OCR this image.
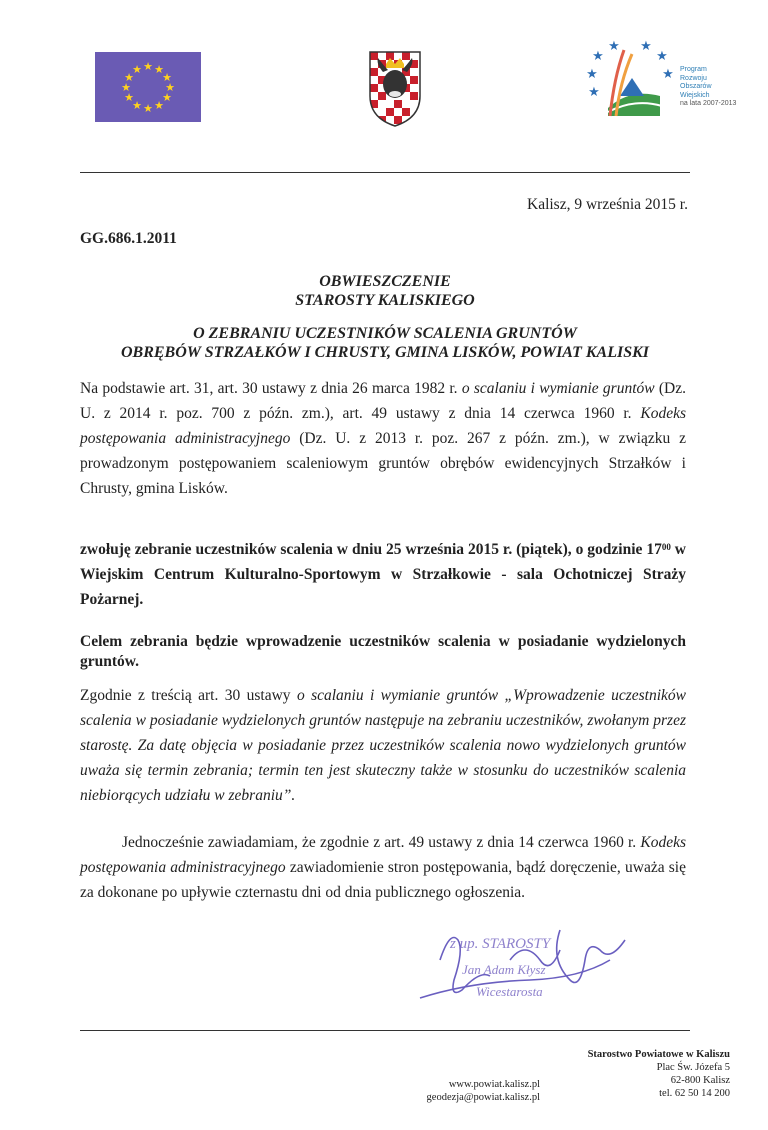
★ ★
★
★
★
★
★
★
★
★
★
★	★
★
★ ★
★
★
★
Program
Rozwoju
Obszarów
Wiejskich
na lata 2007-2013
Kalisz, 9 września 2015 r.
GG.686.1.2011
OBWIESZCZENIE
STAROSTY KALISKIEGO
O ZEBRANIU UCZESTNIKÓW SCALENIA GRUNTÓW
OBRĘBÓW STRZAŁKÓW I CHRUSTY, GMINA LISKÓW, POWIAT KALISKI
Na podstawie art. 31, art. 30 ustawy z dnia 26 marca 1982 r. o scalaniu i wymianie gruntów (Dz. U. z 2014 r. poz. 700 z późn. zm.), art. 49 ustawy z dnia 14 czerwca 1960 r. Kodeks postępowania administracyjnego (Dz. U. z 2013 r. poz. 267 z późn. zm.), w związku z prowadzonym postępowaniem scaleniowym gruntów obrębów ewidencyjnych Strzałków i Chrusty, gmina Lisków.
zwołuję zebranie uczestników scalenia w dniu 25 września 2015 r. (piątek), o godzinie $17^{00}$ w Wiejskim Centrum Kulturalno-Sportowym w Strzałkowie - sala Ochotniczej Straży Pożarnej.
Celem zebrania będzie wprowadzenie uczestników scalenia w posiadanie wydzielonych gruntów.
Zgodnie z treścią art. 30 ustawy o scalaniu i wymianie gruntów „Wprowadzenie uczestników scalenia w posiadanie wydzielonych gruntów następuje na zebraniu uczestników, zwołanym przez starostę. Za datę objęcia w posiadanie przez uczestników scalenia nowo wydzielonych gruntów uważa się termin zebrania; termin ten jest skuteczny także w stosunku do uczestników scalenia niebiorących udziału w zebraniu”.
Jednocześnie zawiadamiam, że zgodnie z art. 49 ustawy z dnia 14 czerwca 1960 r. Kodeks postępowania administracyjnego zawiadomienie stron postępowania, bądź doręczenie, uważa się za dokonane po upływie czternastu dni od dnia publicznego ogłoszenia.
z up. STAROSTY
Jan Adam Kłysz
Wicestarosta
www.powiat.kalisz.pl
geodezja@powiat.kalisz.pl
Starostwo Powiatowe w Kaliszu
Plac Św. Józefa 5
62-800 Kalisz
tel. 62 50 14 200
